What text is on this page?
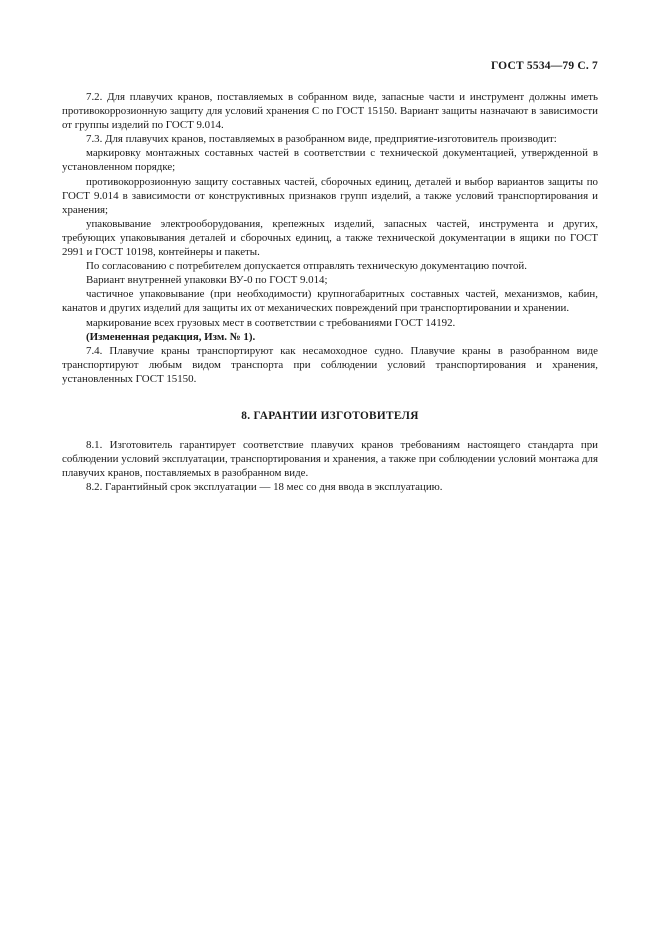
ГОСТ 5534—79 С. 7

7.2. Для плавучих кранов, поставляемых в собранном виде, запасные части и инструмент должны иметь противокоррозионную защиту для условий хранения С по ГОСТ 15150. Вариант защиты назначают в зависимости от группы изделий по ГОСТ 9.014.

7.3. Для плавучих кранов, поставляемых в разобранном виде, предприятие-изготовитель производит:

маркировку монтажных составных частей в соответствии с технической документацией, утвержденной в установленном порядке;

противокоррозионную защиту составных частей, сборочных единиц, деталей и выбор вариантов защиты по ГОСТ 9.014 в зависимости от конструктивных признаков групп изделий, а также условий транспортирования и хранения;

упаковывание электрооборудования, крепежных изделий, запасных частей, инструмента и других, требующих упаковывания деталей и сборочных единиц, а также технической документации в ящики по ГОСТ 2991 и ГОСТ 10198, контейнеры и пакеты.

По согласованию с потребителем допускается отправлять техническую документацию почтой.

Вариант внутренней упаковки ВУ-0 по ГОСТ 9.014;

частичное упаковывание (при необходимости) крупногабаритных составных частей, механизмов, кабин, канатов и других изделий для защиты их от механических повреждений при транспортировании и хранении.

маркирование всех грузовых мест в соответствии с требованиями ГОСТ 14192.

(Измененная редакция, Изм. № 1).

7.4. Плавучие краны транспортируют как несамоходное судно. Плавучие краны в разобранном виде транспортируют любым видом транспорта при соблюдении условий транспортирования и хранения, установленных ГОСТ 15150.

8. ГАРАНТИИ ИЗГОТОВИТЕЛЯ

8.1. Изготовитель гарантирует соответствие плавучих кранов требованиям настоящего стандарта при соблюдении условий эксплуатации, транспортирования и хранения, а также при соблюдении условий монтажа для плавучих кранов, поставляемых в разобранном виде.

8.2. Гарантийный срок эксплуатации — 18 мес со дня ввода в эксплуатацию.
